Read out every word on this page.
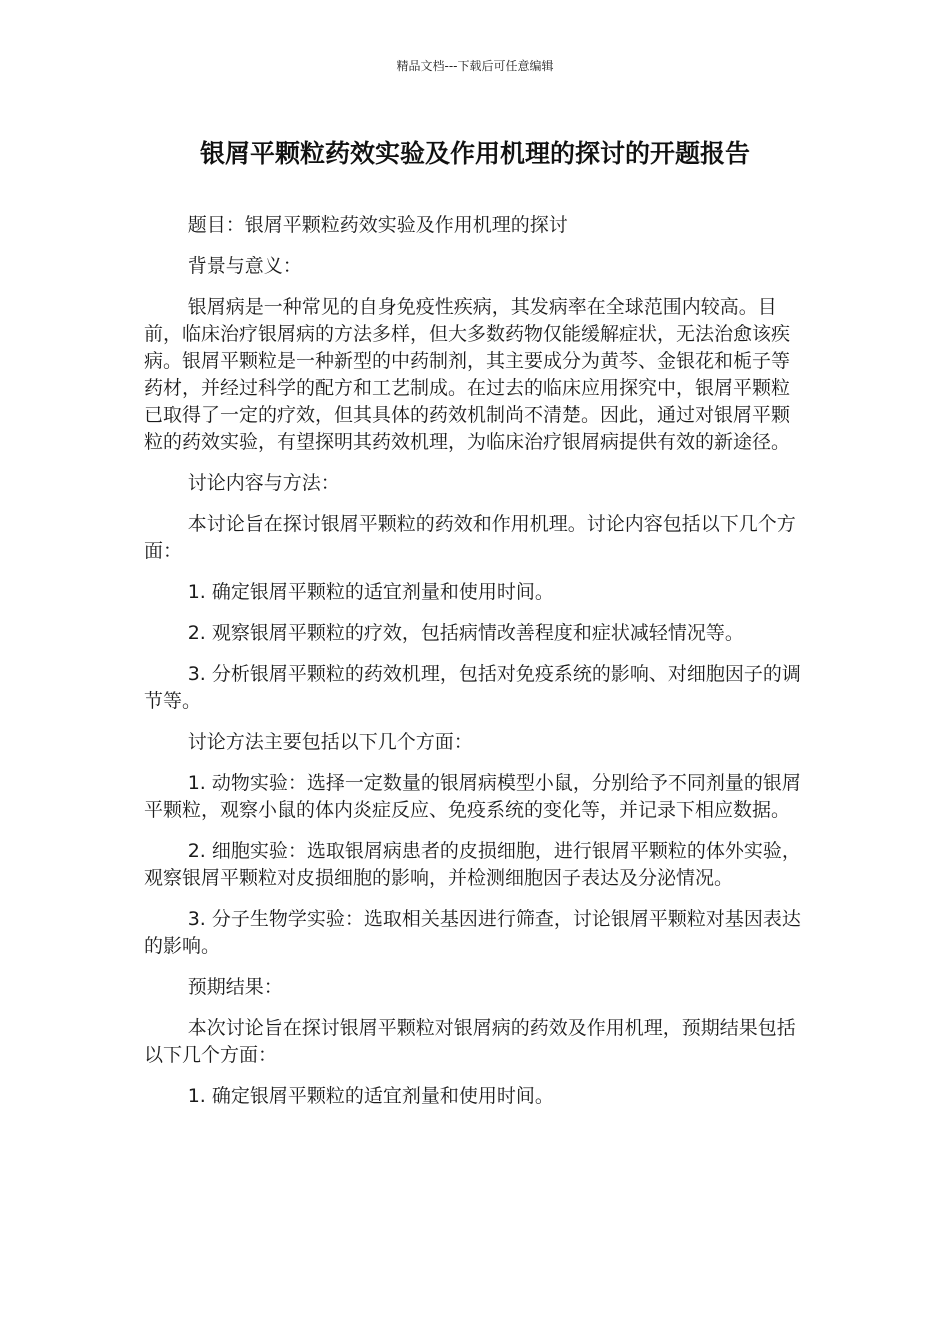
精品文档---下载后可任意编辑
银屑平颗粒药效实验及作用机理的探讨的开题报告

题目：银屑平颗粒药效实验及作用机理的探讨

背景与意义：

银屑病是一种常见的自身免疫性疾病，其发病率在全球范围内较高。目前，临床治疗银屑病的方法多样，但大多数药物仅能缓解症状，无法治愈该疾病。银屑平颗粒是一种新型的中药制剂，其主要成分为黄芩、金银花和栀子等药材，并经过科学的配方和工艺制成。在过去的临床应用探究中，银屑平颗粒已取得了一定的疗效，但其具体的药效机制尚不清楚。因此，通过对银屑平颗粒的药效实验，有望探明其药效机理，为临床治疗银屑病提供有效的新途径。

讨论内容与方法：

本讨论旨在探讨银屑平颗粒的药效和作用机理。讨论内容包括以下几个方面：

1. 确定银屑平颗粒的适宜剂量和使用时间。

2. 观察银屑平颗粒的疗效，包括病情改善程度和症状减轻情况等。

3. 分析银屑平颗粒的药效机理，包括对免疫系统的影响、对细胞因子的调节等。

讨论方法主要包括以下几个方面：

1. 动物实验：选择一定数量的银屑病模型小鼠，分别给予不同剂量的银屑平颗粒，观察小鼠的体内炎症反应、免疫系统的变化等，并记录下相应数据。

2. 细胞实验：选取银屑病患者的皮损细胞，进行银屑平颗粒的体外实验，观察银屑平颗粒对皮损细胞的影响，并检测细胞因子表达及分泌情况。

3. 分子生物学实验：选取相关基因进行筛查，讨论银屑平颗粒对基因表达的影响。

预期结果：

本次讨论旨在探讨银屑平颗粒对银屑病的药效及作用机理，预期结果包括以下几个方面：

1. 确定银屑平颗粒的适宜剂量和使用时间。
